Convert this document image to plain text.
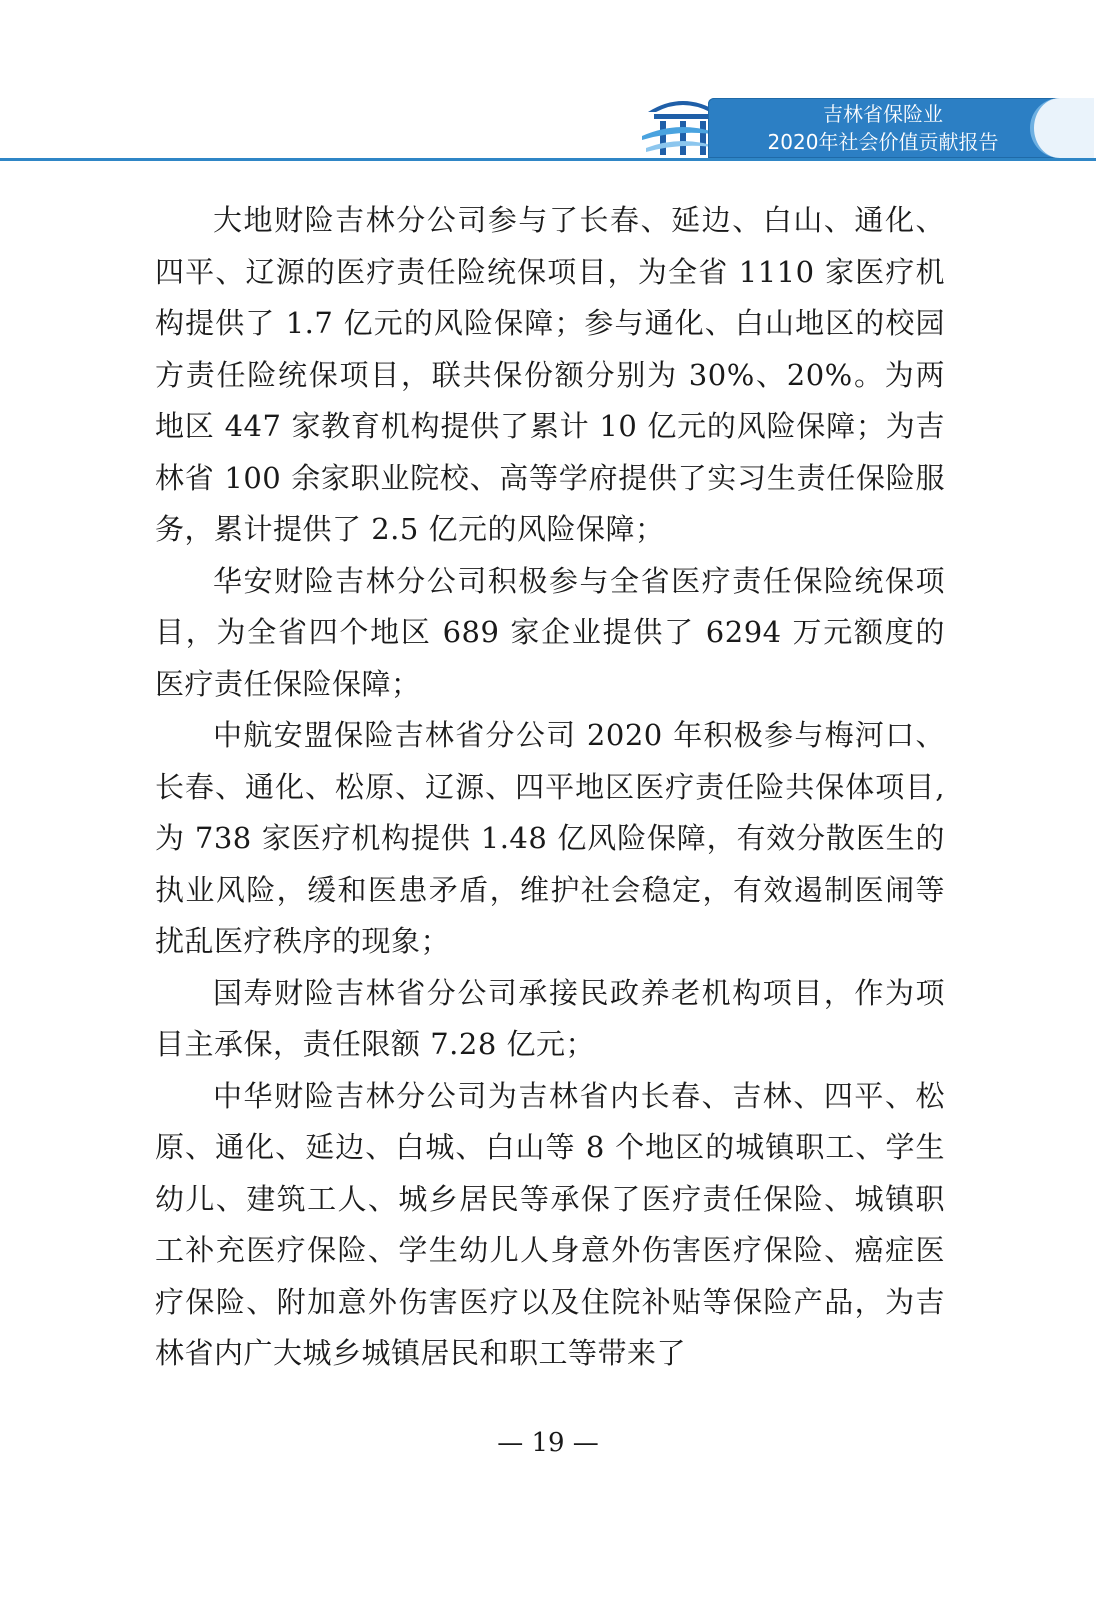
吉林省保险业
2020年社会价值贡献报告

大地财险吉林分公司参与了长春、延边、白山、通化、四平、辽源的医疗责任险统保项目，为全省 1110 家医疗机构提供了 1.7 亿元的风险保障；参与通化、白山地区的校园方责任险统保项目，联共保份额分别为 30%、20%。为两地区 447 家教育机构提供了累计 10 亿元的风险保障；为吉林省 100 余家职业院校、高等学府提供了实习生责任保险服务，累计提供了 2.5 亿元的风险保障；

华安财险吉林分公司积极参与全省医疗责任保险统保项目，为全省四个地区 689 家企业提供了 6294 万元额度的医疗责任保险保障；

中航安盟保险吉林省分公司 2020 年积极参与梅河口、长春、通化、松原、辽源、四平地区医疗责任险共保体项目,为 738 家医疗机构提供 1.48 亿风险保障，有效分散医生的执业风险，缓和医患矛盾，维护社会稳定，有效遏制医闹等扰乱医疗秩序的现象；

国寿财险吉林省分公司承接民政养老机构项目，作为项目主承保，责任限额 7.28 亿元；

中华财险吉林分公司为吉林省内长春、吉林、四平、松原、通化、延边、白城、白山等 8 个地区的城镇职工、学生幼儿、建筑工人、城乡居民等承保了医疗责任保险、城镇职工补充医疗保险、学生幼儿人身意外伤害医疗保险、癌症医疗保险、附加意外伤害医疗以及住院补贴等保险产品，为吉林省内广大城乡城镇居民和职工等带来了

— 19 —
